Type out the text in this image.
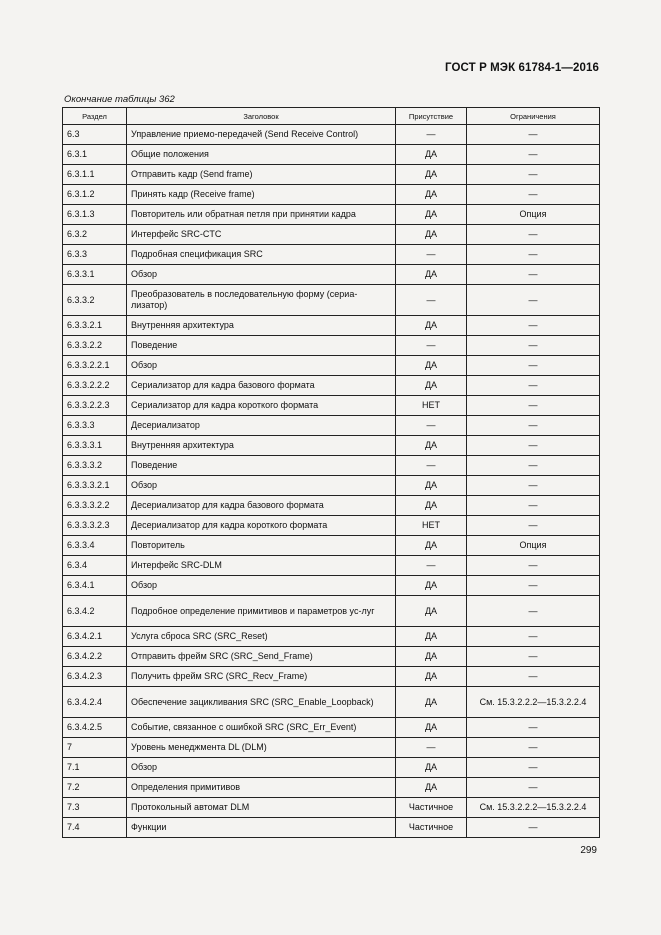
ГОСТ Р МЭК 61784-1—2016
Окончание таблицы 362
Раздел	Заголовок	Присутствие	Ограничения
6.3	Управление приемо-передачей (Send Receive Control)	—	—
6.3.1	Общие положения	ДА	—
6.3.1.1	Отправить кадр (Send frame)	ДА	—
6.3.1.2	Принять кадр (Receive frame)	ДА	—
6.3.1.3	Повторитель или обратная петля при принятии кадра	ДА	Опция
6.3.2	Интерфейс SRC-CTC	ДА	—
6.3.3	Подробная спецификация SRC	—	—
6.3.3.1	Обзор	ДА	—
6.3.3.2	Преобразователь в последовательную форму (сериа-лизатор)	—	—
6.3.3.2.1	Внутренняя архитектура	ДА	—
6.3.3.2.2	Поведение	—	—
6.3.3.2.2.1	Обзор	ДА	—
6.3.3.2.2.2	Сериализатор для кадра базового формата	ДА	—
6.3.3.2.2.3	Сериализатор для кадра короткого формата	НЕТ	—
6.3.3.3	Десериализатор	—	—
6.3.3.3.1	Внутренняя архитектура	ДА	—
6.3.3.3.2	Поведение	—	—
6.3.3.3.2.1	Обзор	ДА	—
6.3.3.3.2.2	Десериализатор для кадра базового формата	ДА	—
6.3.3.3.2.3	Десериализатор для кадра короткого формата	НЕТ	—
6.3.3.4	Повторитель	ДА	Опция
6.3.4	Интерфейс SRC-DLM	—	—
6.3.4.1	Обзор	ДА	—
6.3.4.2	Подробное определение примитивов и параметров ус-луг	ДА	—
6.3.4.2.1	Услуга сброса SRC (SRC_Reset)	ДА	—
6.3.4.2.2	Отправить фрейм SRC (SRC_Send_Frame)	ДА	—
6.3.4.2.3	Получить фрейм SRC (SRC_Recv_Frame)	ДА	—
6.3.4.2.4	Обеспечение зацикливания SRC (SRC_Enable_Loopback)	ДА	См. 15.3.2.2.2—15.3.2.2.4
6.3.4.2.5	Событие, связанное с ошибкой SRC (SRC_Err_Event)	ДА	—
7	Уровень менеджмента DL (DLM)	—	—
7.1	Обзор	ДА	—
7.2	Определения примитивов	ДА	—
7.3	Протокольный автомат DLM	Частичное	См. 15.3.2.2.2—15.3.2.2.4
7.4	Функции	Частичное	—
299
